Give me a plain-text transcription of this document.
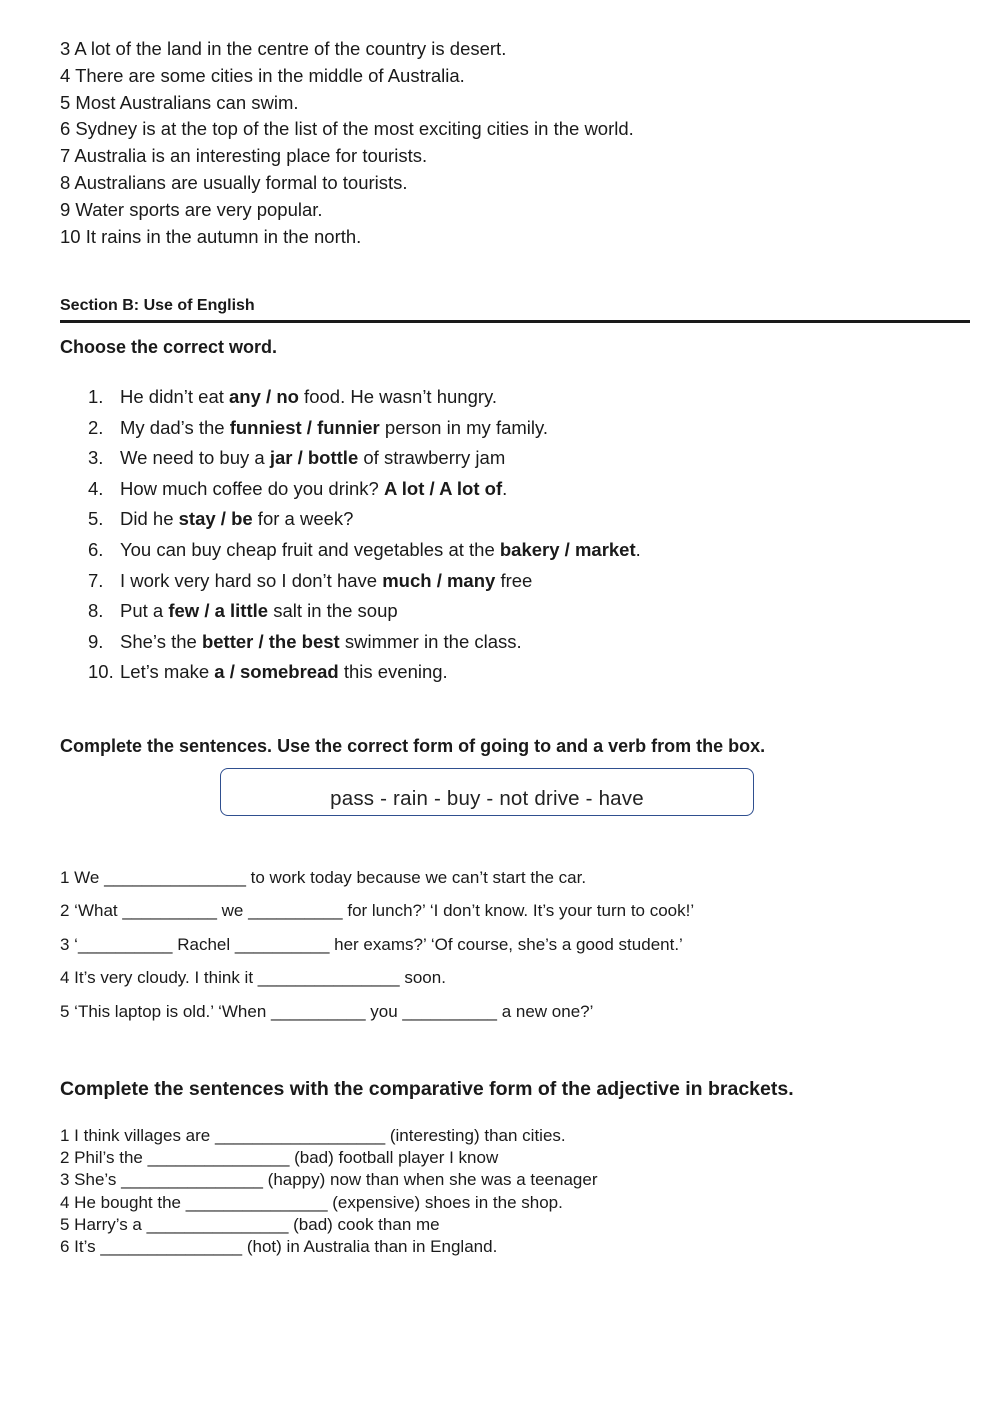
3 A lot of the land in the centre of the country is desert.
4 There are some cities in the middle of Australia.
5 Most Australians can swim.
6 Sydney is at the top of the list of the most exciting cities in the world.
7 Australia is an interesting place for tourists.
8 Australians are usually formal to tourists.
9 Water sports are very popular.
10 It rains in the autumn in the north.
Section B: Use of English
Choose the correct word.
1. He didn’t eat any / no food. He wasn’t hungry.
2. My dad’s the funniest / funnier person in my family.
3. We need to buy a jar / bottle of strawberry jam
4. How much coffee do you drink? A lot / A lot of.
5. Did he stay / be for a week?
6. You can buy cheap fruit and vegetables at the bakery / market.
7. I work very hard so I don’t have much / many free
8. Put a few / a little salt in the soup
9. She’s the better / the best swimmer in the class.
10. Let’s make a / somebread this evening.
Complete the sentences. Use the correct form of going to and a verb from the box.
pass - rain - buy - not drive - have
1 We _______________ to work today because we can’t start the car.
2 ‘What __________ we __________ for lunch?’ ‘I don’t know. It’s your turn to cook!’
3 ‘__________ Rachel __________ her exams?’ ‘Of course, she’s a good student.’
4 It’s very cloudy. I think it _______________ soon.
5 ‘This laptop is old.’ ‘When __________ you __________ a new one?’
Complete the sentences with the comparative form of the adjective in brackets.
1 I think villages are __________________ (interesting) than cities.
2 Phil’s the _______________ (bad) football player I know
3 She’s _______________ (happy) now than when she was a teenager
4 He bought the _______________ (expensive) shoes in the shop.
5 Harry’s a _______________ (bad) cook than me
6 It’s _______________ (hot) in Australia than in England.
